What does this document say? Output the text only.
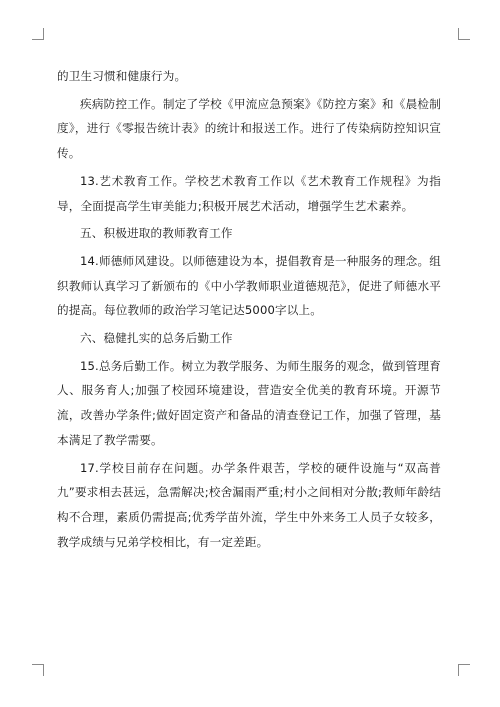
的卫生习惯和健康行为。

疾病防控工作。制定了学校《甲流应急预案》《防控方案》和《晨检制度》，进行《零报告统计表》的统计和报送工作。进行了传染病防控知识宣传。

13.艺术教育工作。学校艺术教育工作以《艺术教育工作规程》为指导，全面提高学生审美能力;积极开展艺术活动，增强学生艺术素养。

五、积极进取的教师教育工作

14.师德师风建设。以师德建设为本，提倡教育是一种服务的理念。组织教师认真学习了新颁布的《中小学教师职业道德规范》，促进了师德水平的提高。每位教师的政治学习笔记达5000字以上。

六、稳健扎实的总务后勤工作

15.总务后勤工作。树立为教学服务、为师生服务的观念，做到管理育人、服务育人;加强了校园环境建设，营造安全优美的教育环境。开源节流，改善办学条件;做好固定资产和备品的清查登记工作，加强了管理，基本满足了教学需要。

17.学校目前存在问题。办学条件艰苦，学校的硬件设施与“双高普九”要求相去甚远，急需解决;校舍漏雨严重;村小之间相对分散;教师年龄结构不合理，素质仍需提高;优秀学苗外流，学生中外来务工人员子女较多，教学成绩与兄弟学校相比，有一定差距。
